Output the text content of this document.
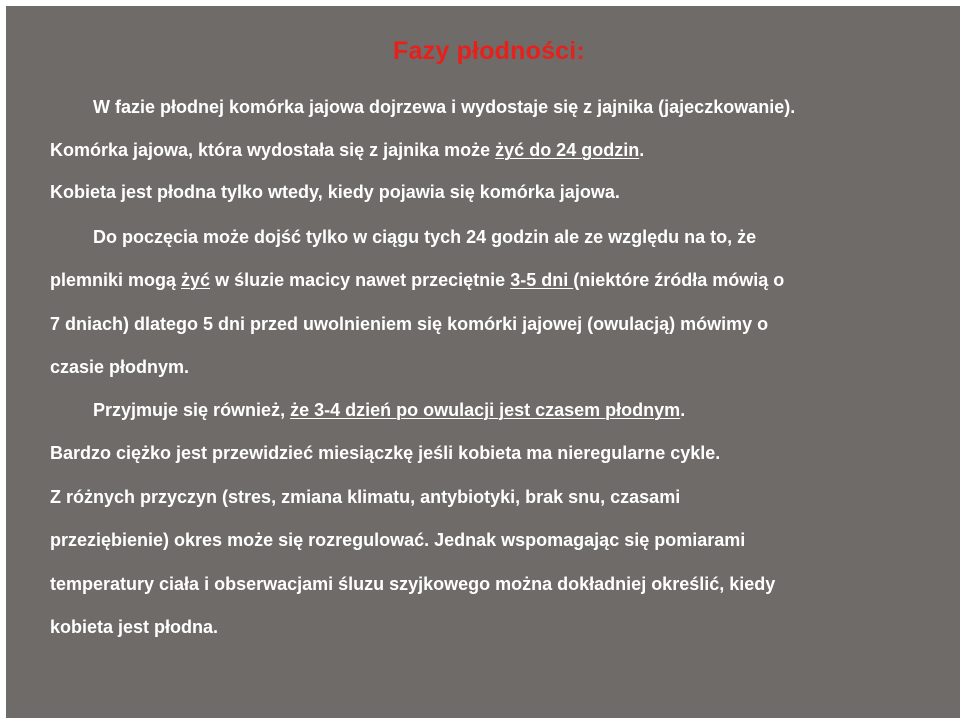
Fazy płodności:

W fazie płodnej komórka jajowa dojrzewa i wydostaje się z jajnika (jajeczkowanie).

Komórka jajowa, która wydostała się z jajnika może żyć do 24 godzin.

Kobieta jest płodna tylko wtedy, kiedy pojawia się komórka jajowa.

Do poczęcia może dojść tylko w ciągu tych 24 godzin ale ze względu na to, że

plemniki mogą żyć w śluzie macicy nawet przeciętnie 3-5 dni (niektóre źródła mówią o

7 dniach) dlatego 5 dni przed uwolnieniem się komórki jajowej (owulacją) mówimy o

czasie płodnym.

Przyjmuje się również, że 3-4 dzień po owulacji jest czasem płodnym.

Bardzo ciężko jest przewidzieć miesiączkę jeśli kobieta ma nieregularne cykle.

Z różnych przyczyn (stres, zmiana klimatu, antybiotyki, brak snu, czasami

przeziębienie) okres może się rozregulować. Jednak wspomagając się pomiarami

temperatury ciała i obserwacjami śluzu szyjkowego można dokładniej określić, kiedy

kobieta jest płodna.
